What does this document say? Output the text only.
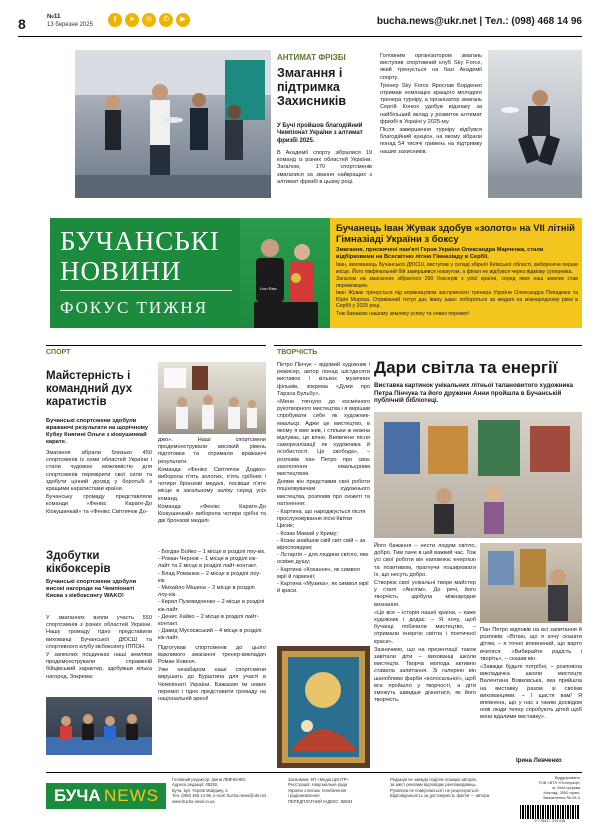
8	№11
13 березня 2025
f	➤	◎	✆	▶	bucha.news@ukr.net | Тел.: (098) 468 14 96
АНТИМАТ ФРІЗБІ
Змагання і підтримка Захисників
У Бучі пройшов благодійний Чемпіонат України з алтимат фризбі 2025.
В Академії спорту зібралися 19 команд із різних областей України. Загалом, 170 спортсменів змагалися за звання найкращих з алтимат фризбі в цьому році.
Головним організатором змагань виступив спортивний клуб Sky Force, який тренується на базі Академії спорту.
Тренер Sky Force Ярослав Борденко отримав номінацію кращого молодого тренера турніру, а організатор змагань Сергій Конюх удобув відзнаку за найбільший вклад у розвиток алтимат фризбі в Україні у 2025-му.
Після завершення турніру відбувся благодійний аукціон, на якому зібрали понад 54 тисячі гривень на підтримку наших захисників.
БУЧАНСЬКІ
НОВИНИ
ФОКУС ТИЖНЯ
Lion Rise
Бучанець Іван Жувак здобув «золото» на VII літній Гімназіаді України з боксу
Змагання, присвячені пам'яті Героя України Олександра Марченка, стали відбірковими на Всесвітню літню Гімназіаду в Сербії.
Іван, вихованець Бучанської ДЮСШ, виступав у складі збірної Київської області, вибороючи перше місце. Його півфінальний бій завершився нокаутом, а фінал не відбувся через відмову суперника.
Загалом на змаганнях зібралося 290 боксерів з усієї країни, серед яких наш земляк став переможцем.
Іван Жувак тренується під керівництвом заслуженого тренера України Олександра Попадюка та Юрія Мороза. Отриманий титул дає Івану шанс побороться за медалі на міжнародному рівні в Сербії у 2025 році.
Тож бажаємо нашому земляку успіху та нових перемог!
СПОРТ
Майстерність і командний дух каратистів
Бучанські спортсмени здобули вражаючі результати на щорічному Кубку Княгині Ольги з кіокушинкай карате.
Змагання зібрали близько 450 спортсменів із семи областей України і стали чудовою можливістю для спортсменів перевірити свої сили та здобути цінний досвід у боротьбі з кращими каратистами країни.
Бучанську громаду представляли команди «Фенікс Карате-До Кіокушинкай» та «Фенікс Світлячок До-
джо». Наші спортсмени продемонстрували високий рівень підготовки та отримали вражаючі результати.
Команда «Фенікс Світлячок Доджо» виборола п'ять золотих, п'ять срібних і чотири бронзові медалі, посівши п'яте місце в загальному заліку серед усіх команд.
Команда «Фенікс Карате-До Кіокушинкай» виборола чотири срібні та дві бронзові медалі.
Здобутки кікбоксерів
Бучанські спортсмени здобули високі нагороди на Чемпіонаті Києва з кікбоксингу WAKO!
У змаганнях взяли участь 550 спортсменів з різних областей України. Нашу громаду гідно представили вихованці Бучанської ДЮСШ та спортивного клубу кікбоксингу ІППОН.
У запеклих поєдинках наші земляки продемонстрували справжній бійцівський характер, здобувши кілька нагород. Зокрема:
- Богдан Бойко – 1 місце в розділі лоу-кік.
- Роман Чернов – 1 місце в розділі кік-лайт та 2 місце в розділі лайт-контакт.
- Влад Романюк – 2 місце в розділі лоу-кік.
- Михайло Мішина – 2 місце в розділі лоу-кік.
- Кирил Пузевидченко – 2 місце в розділі кік-лайт.
- Денис Хайко – 2 місце в розділі лайт-контакт.
- Давид Мусоєвський – 4 місце в розділі кік-лайт.
Підготував спортсменів до цього важливого змагання тренер-викладач Роман Ковенч.
Уже незабаром наші спортсмени вирушать до Бурштина для участі в Чемпіонаті України. Бажаємо їм нових перемог і гідно представити громаду на національній арені!
ТВОРЧІСТЬ
Петро Пінчук – відомий художник і режисер, автор понад шістдесяти виставок і кількох музичних фільмів, зокрема «Думи про Тараса Бульбу».
«Мене тягнуло до космічного рукотворного мистецтва і я вирішив спробувати себе як художник-емальєр. Адже це мистецтво, в якому я вже жив, і стільки ж можна відчуває, це вічно. Виявлене після самореалізації як художника й особистості. Це свобода», – розповів пан Петро про своє захоплення емальєрним мистецтвом.
Днями він представив свої роботи поціновувачам художнього мистецтва, розповів про сюжеті та натхнення:
- Картина, що народжується після прослуховування пісні Квітки Цисик;
- Козак Мамай у Криму;
- Козак знайшов свій світ свій – за віросповідом;
- Лєтаргія – для людини світло, яке освіже душу;
- Картина «Кохання», як символ мрії й гармонії;
- Картина «Музика», як символ мрії й краси.
Дари світла та енергії
Виставка картинок унікальних літньої талановитого художника Петра Пінчука та його дружини Анни пройшла в Бучанській публічній бібліотеці.
Його бажання – нести людям світло, добро. Тим паче в цей важкий час. Тож усі свої роботи він наповнює енергією та позитивом, прагнучи поширювати їх, що несуть добро.
Створює свої унікальні твори майстер у стилі «Англім». До речі, його творчість здобула міжнародне визнання.
«Це все – історія нашої країни, – каже художник і додає: – Я хочу, щоб бучанці побачили мистецтво, – отримали енергію світла і поетичної краси».
Зазначимо, що на презентації також завітали діти – вихованці школи мистецтв. Творча молода активно ставила запитання. Зі галерею він шанобливо фарби «колосальної», щоб все пройшло у творчості, а діти зможуть швидше дізнатися, як його творчість.
Пан Петро відповів на всі запитання й розповів: «Вітаю, що я хочу сказати дітям, – я точно впевнений, що варто вчитися: «Вибирайте радість і творіть», – сказав він.
«Завжди будьте потрібні, – розповіла викладачка школи мистецтв Валентина Вовковська, яка прийшла на виставку разом зі своїми вихованцями. – І щастя вам! Я впевнена, що у нас з таким досвідом нові люди тепер спробують дітей щоб вони вдалими виставку».
Ірина Левченко
БУЧА NEWS
Головний редактор: Ірина ЛЕВЧЕНКО
Адреса редакції: 08292,
Буча, вул. Героїв Майдану, 2
Тел. (098) 468 14 96, e-mail: bucha.news@ukr.net
www.bucha.news.in.ua
Засновник: КП «Медіа ЦЕНТР»
Реєстрація: Національна рада
України з питань телебачення
і радіомовлення
ПЕРЕДПЛАТНИЙ ІНДЕКС: 88834
Редакція не завжди поділяє позицію авторів,
за зміст реклами відповідає рекламодавець.
Рукописи не повертаються і не рецензуються.
Відповідальність за достовірність фактів — автори.
Віддруковано
ТОВ «ВТЛ «Поліграф»
м. Біла Церква
Наклад: 3500 прим.
Замовлення № 28-4
9 776617 291316
